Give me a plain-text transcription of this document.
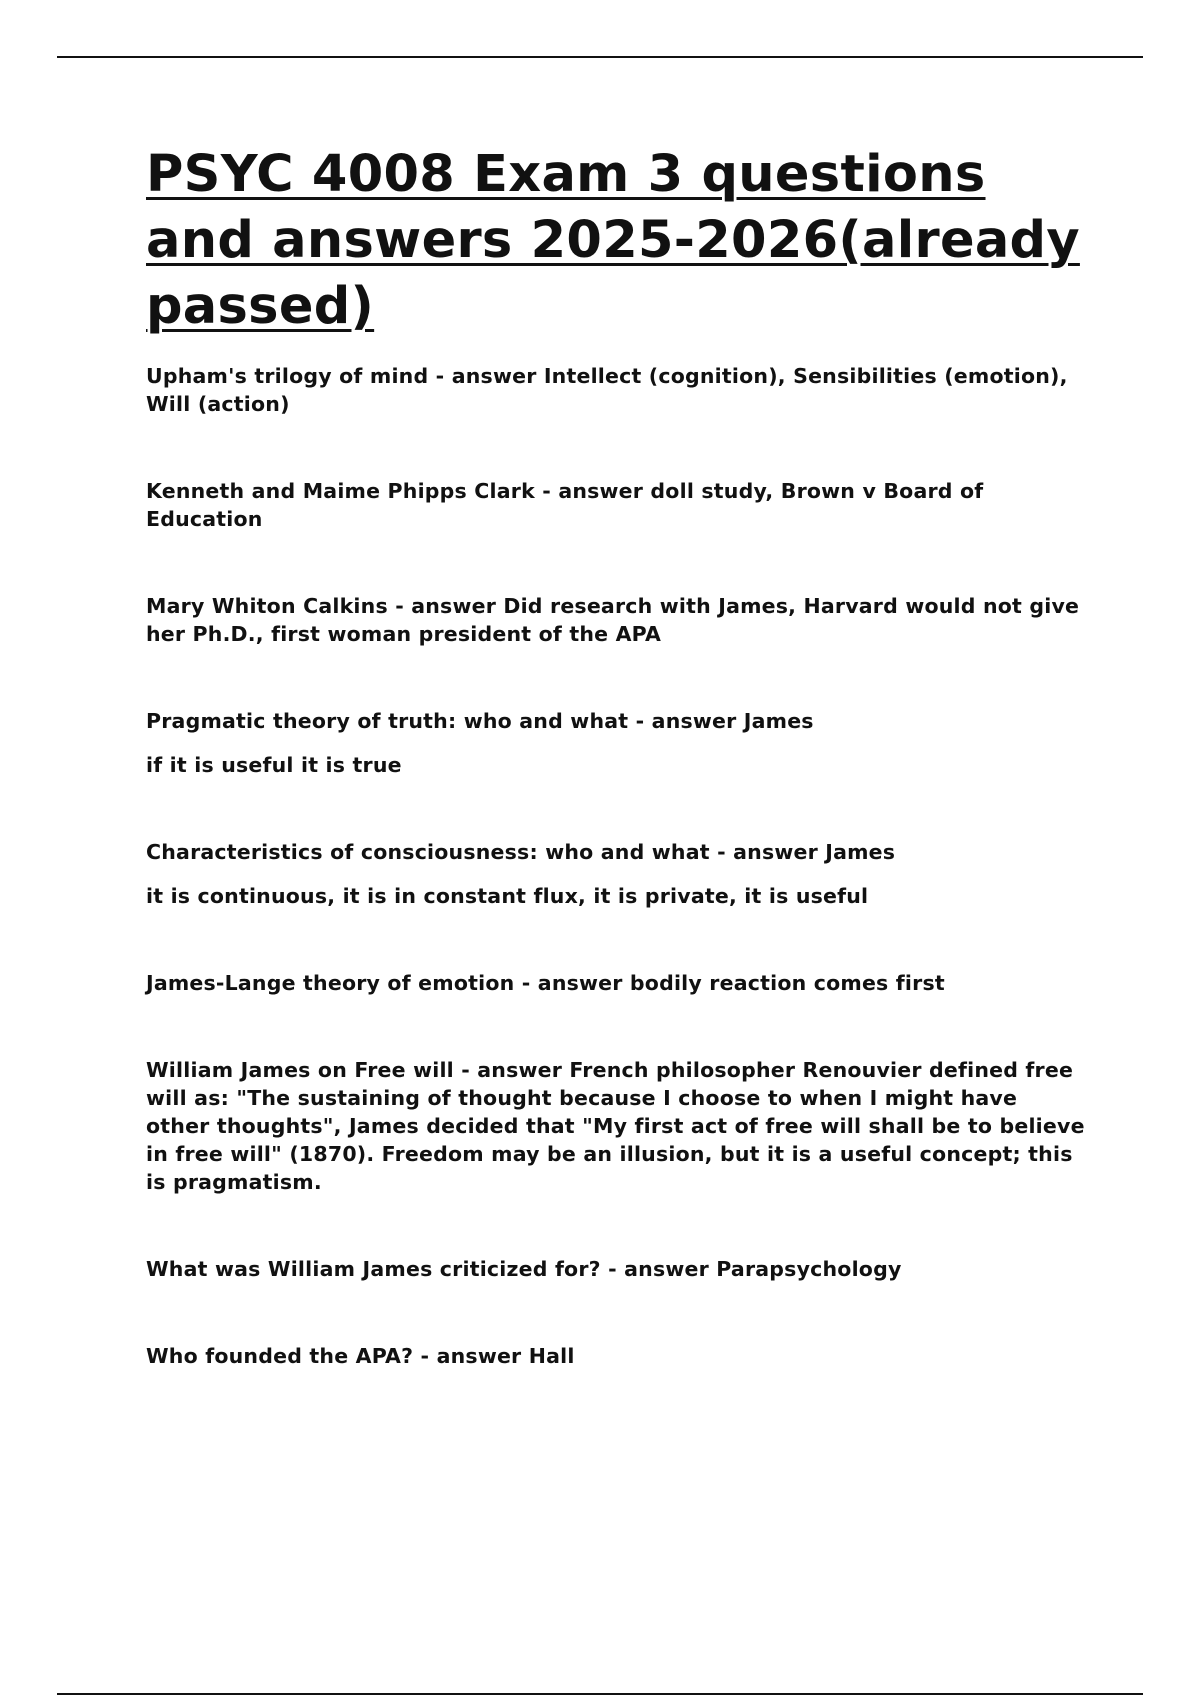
PSYC 4008 Exam 3 questions and answers 2025-2026(already passed)

Upham's trilogy of mind - answer Intellect (cognition), Sensibilities (emotion), Will (action)

Kenneth and Maime Phipps Clark - answer doll study, Brown v Board of Education

Mary Whiton Calkins - answer Did research with James, Harvard would not give her Ph.D., first woman president of the APA

Pragmatic theory of truth: who and what - answer James

if it is useful it is true

Characteristics of consciousness: who and what - answer James

it is continuous, it is in constant flux, it is private, it is useful

James-Lange theory of emotion - answer bodily reaction comes first

William James on Free will - answer French philosopher Renouvier defined free will as: "The sustaining of thought because I choose to when I might have other thoughts", James decided that "My first act of free will shall be to believe in free will" (1870). Freedom may be an illusion, but it is a useful concept; this is pragmatism.

What was William James criticized for? - answer Parapsychology

Who founded the APA? - answer Hall
